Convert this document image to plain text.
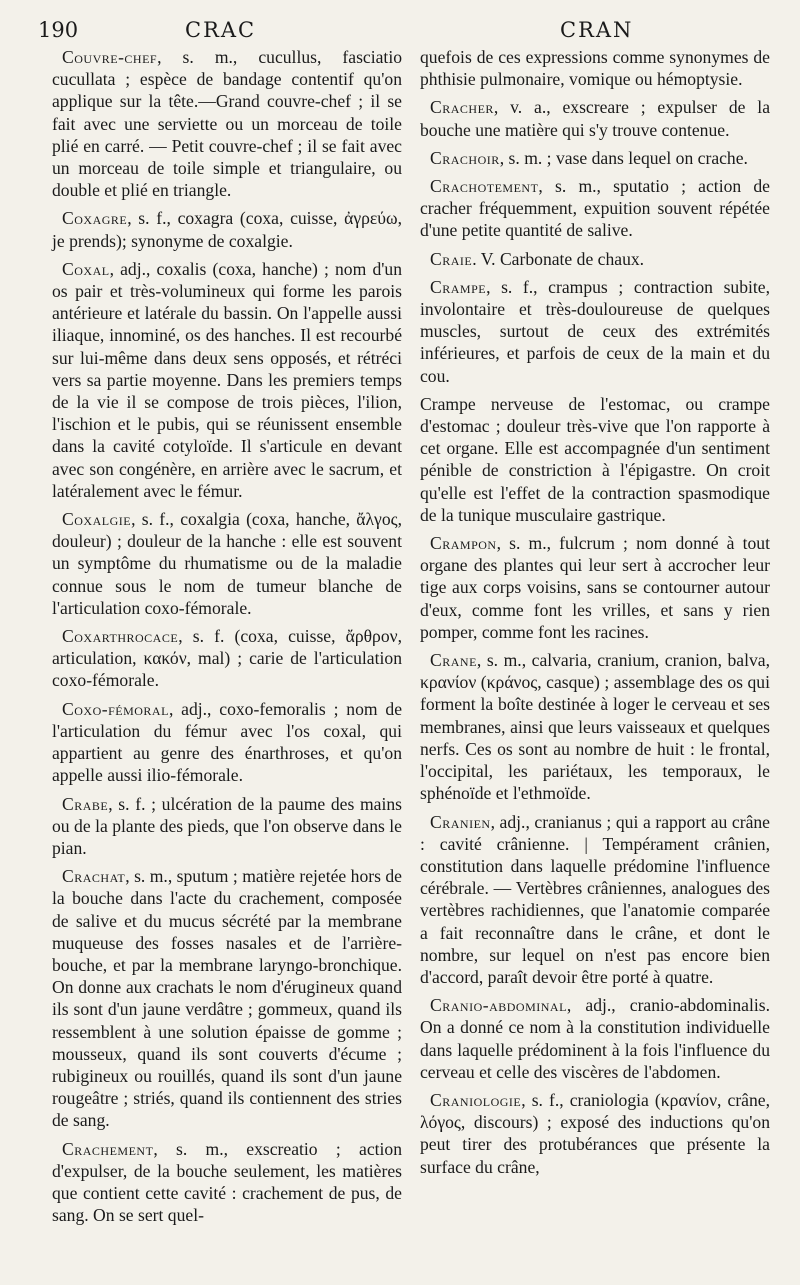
190	CRAC	CRAN

Couvre-chef, s. m., cucullus, fasciatio cucullata ; espèce de bandage contentif qu'on applique sur la tête.—Grand couvre-chef ; il se fait avec une serviette ou un morceau de toile plié en carré. — Petit couvre-chef ; il se fait avec un morceau de toile simple et triangulaire, ou double et plié en triangle.

Coxagre, s. f., coxagra (coxa, cuisse, ἀγρεύω, je prends); synonyme de coxalgie.

Coxal, adj., coxalis (coxa, hanche) ; nom d'un os pair et très-volumineux qui forme les parois antérieure et latérale du bassin. On l'appelle aussi iliaque, innominé, os des hanches. Il est recourbé sur lui-même dans deux sens opposés, et rétréci vers sa partie moyenne. Dans les premiers temps de la vie il se compose de trois pièces, l'ilion, l'ischion et le pubis, qui se réunissent ensemble dans la cavité cotyloïde. Il s'articule en devant avec son congénère, en arrière avec le sacrum, et latéralement avec le fémur.

Coxalgie, s. f., coxalgia (coxa, hanche, ἄλγος, douleur) ; douleur de la hanche : elle est souvent un symptôme du rhumatisme ou de la maladie connue sous le nom de tumeur blanche de l'articulation coxo-fémorale.

Coxarthrocace, s. f. (coxa, cuisse, ἄρθρον, articulation, κακόν, mal) ; carie de l'articulation coxo-fémorale.

Coxo-fémoral, adj., coxo-femoralis ; nom de l'articulation du fémur avec l'os coxal, qui appartient au genre des énarthroses, et qu'on appelle aussi ilio-fémorale.

Crabe, s. f. ; ulcération de la paume des mains ou de la plante des pieds, que l'on observe dans le pian.

Crachat, s. m., sputum ; matière rejetée hors de la bouche dans l'acte du crachement, composée de salive et du mucus sécrété par la membrane muqueuse des fosses nasales et de l'arrière-bouche, et par la membrane laryngo-bronchique. On donne aux crachats le nom d'érugineux quand ils sont d'un jaune verdâtre ; gommeux, quand ils ressemblent à une solution épaisse de gomme ; mousseux, quand ils sont couverts d'écume ; rubigineux ou rouillés, quand ils sont d'un jaune rougeâtre ; striés, quand ils contiennent des stries de sang.

Crachement, s. m., exscreatio ; action d'expulser, de la bouche seulement, les matières que contient cette cavité : crachement de pus, de sang. On se sert quel-

quefois de ces expressions comme synonymes de phthisie pulmonaire, vomique ou hémoptysie.

Cracher, v. a., exscreare ; expulser de la bouche une matière qui s'y trouve contenue.

Crachoir, s. m. ; vase dans lequel on crache.

Crachotement, s. m., sputatio ; action de cracher fréquemment, expuition souvent répétée d'une petite quantité de salive.

Craie. V. Carbonate de chaux.

Crampe, s. f., crampus ; contraction subite, involontaire et très-douloureuse de quelques muscles, surtout de ceux des extrémités inférieures, et parfois de ceux de la main et du cou.

Crampe nerveuse de l'estomac, ou crampe d'estomac ; douleur très-vive que l'on rapporte à cet organe. Elle est accompagnée d'un sentiment pénible de constriction à l'épigastre. On croit qu'elle est l'effet de la contraction spasmodique de la tunique musculaire gastrique.

Crampon, s. m., fulcrum ; nom donné à tout organe des plantes qui leur sert à accrocher leur tige aux corps voisins, sans se contourner autour d'eux, comme font les vrilles, et sans y rien pomper, comme font les racines.

Crane, s. m., calvaria, cranium, cranion, balva, κρανίον (κράνος, casque) ; assemblage des os qui forment la boîte destinée à loger le cerveau et ses membranes, ainsi que leurs vaisseaux et quelques nerfs. Ces os sont au nombre de huit : le frontal, l'occipital, les pariétaux, les temporaux, le sphénoïde et l'ethmoïde.

Cranien, adj., cranianus ; qui a rapport au crâne : cavité crânienne. | Tempérament crânien, constitution dans laquelle prédomine l'influence cérébrale. — Vertèbres crâniennes, analogues des vertèbres rachidiennes, que l'anatomie comparée a fait reconnaître dans le crâne, et dont le nombre, sur lequel on n'est pas encore bien d'accord, paraît devoir être porté à quatre.

Cranio-abdominal, adj., cranio-abdominalis. On a donné ce nom à la constitution individuelle dans laquelle prédominent à la fois l'influence du cerveau et celle des viscères de l'abdomen.

Craniologie, s. f., craniologia (κρανίον, crâne, λόγος, discours) ; exposé des inductions qu'on peut tirer des protubérances que présente la surface du crâne,
